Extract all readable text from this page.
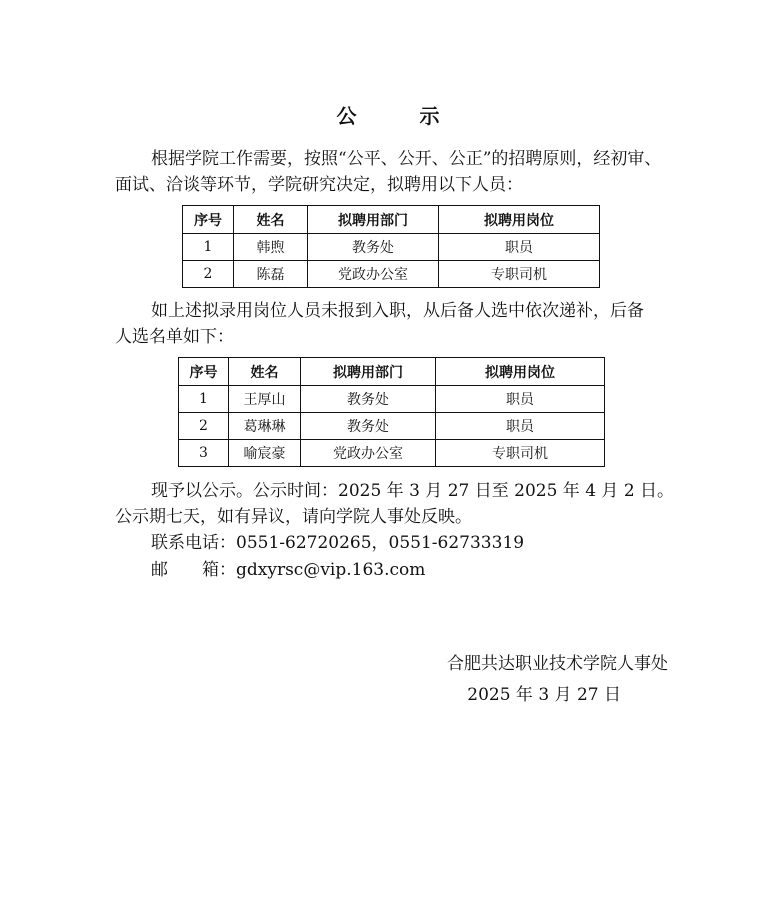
公 示

根据学院工作需要，按照“公平、公开、公正”的招聘原则，经初审、面试、洽谈等环节，学院研究决定，拟聘用以下人员：

序号	姓名	拟聘用部门	拟聘用岗位
1	韩煦	教务处	职员
2	陈磊	党政办公室	专职司机

如上述拟录用岗位人员未报到入职，从后备人选中依次递补，后备人选名单如下：

序号	姓名	拟聘用部门	拟聘用岗位
1	王厚山	教务处	职员
2	葛琳琳	教务处	职员
3	喻宸豪	党政办公室	专职司机

现予以公示。公示时间：2025 年 3 月 27 日至 2025 年 4 月 2 日。公示期七天，如有异议，请向学院人事处反映。

联系电话：0551-62720265，0551-62733319
邮　　箱：gdxyrsc@vip.163.com
合肥共达职业技术学院人事处
2025 年 3 月 27 日
